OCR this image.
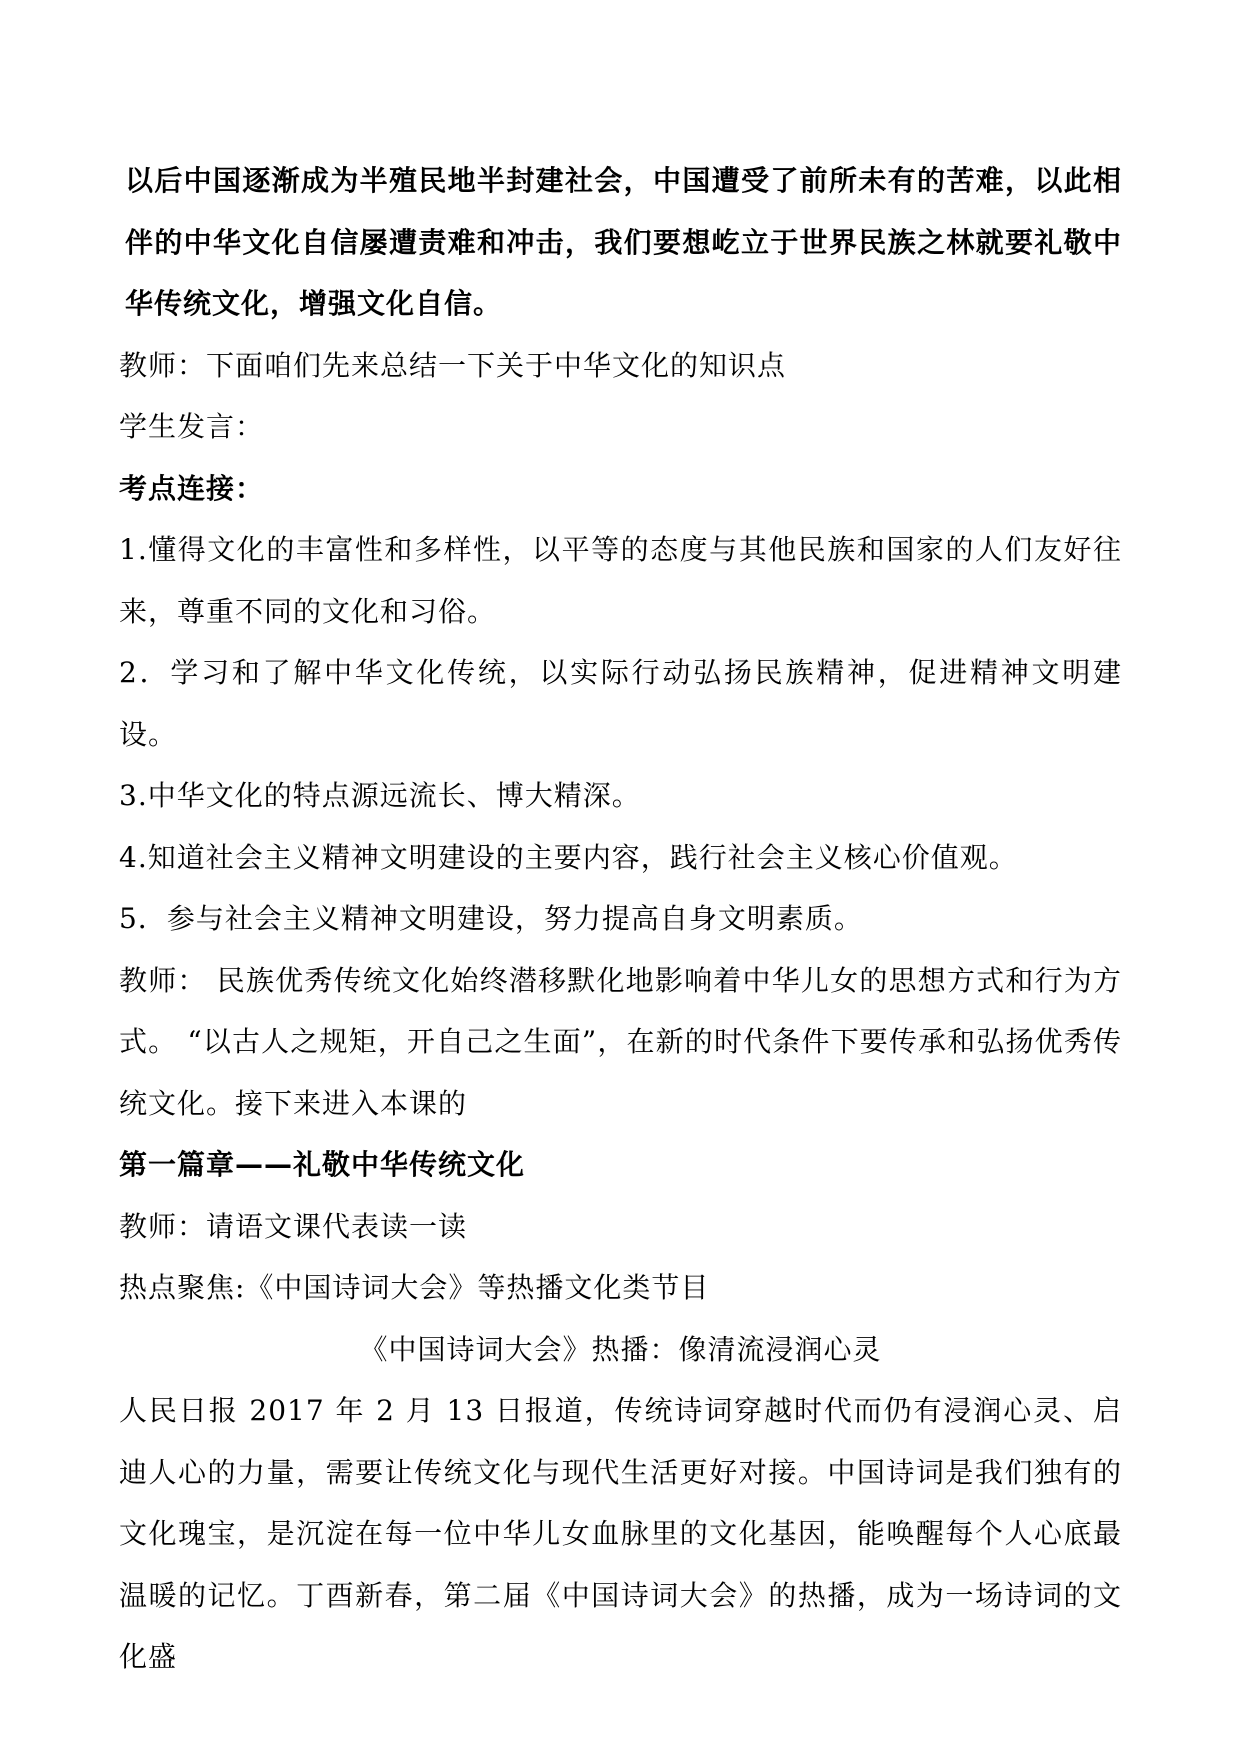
以后中国逐渐成为半殖民地半封建社会，中国遭受了前所未有的苦难，以此相伴的中华文化自信屡遭责难和冲击，我们要想屹立于世界民族之林就要礼敬中华传统文化，增强文化自信。

教师：下面咱们先来总结一下关于中华文化的知识点

学生发言：

考点连接：

1.懂得文化的丰富性和多样性，以平等的态度与其他民族和国家的人们友好往来，尊重不同的文化和习俗。

2．学习和了解中华文化传统，以实际行动弘扬民族精神，促进精神文明建设。

3.中华文化的特点源远流长、博大精深。

4.知道社会主义精神文明建设的主要内容，践行社会主义核心价值观。

5．参与社会主义精神文明建设，努力提高自身文明素质。

教师： 民族优秀传统文化始终潜移默化地影响着中华儿女的思想方式和行为方式。 “以古人之规矩，开自己之生面”，在新的时代条件下要传承和弘扬优秀传统文化。接下来进入本课的

第一篇章——礼敬中华传统文化

教师：请语文课代表读一读

热点聚焦:《中国诗词大会》等热播文化类节目

《中国诗词大会》热播：像清流浸润心灵

人民日报 2017 年 2 月 13 日报道，传统诗词穿越时代而仍有浸润心灵、启迪人心的力量，需要让传统文化与现代生活更好对接。中国诗词是我们独有的文化瑰宝，是沉淀在每一位中华儿女血脉里的文化基因，能唤醒每个人心底最温暖的记忆。丁酉新春，第二届《中国诗词大会》的热播，成为一场诗词的文化盛
